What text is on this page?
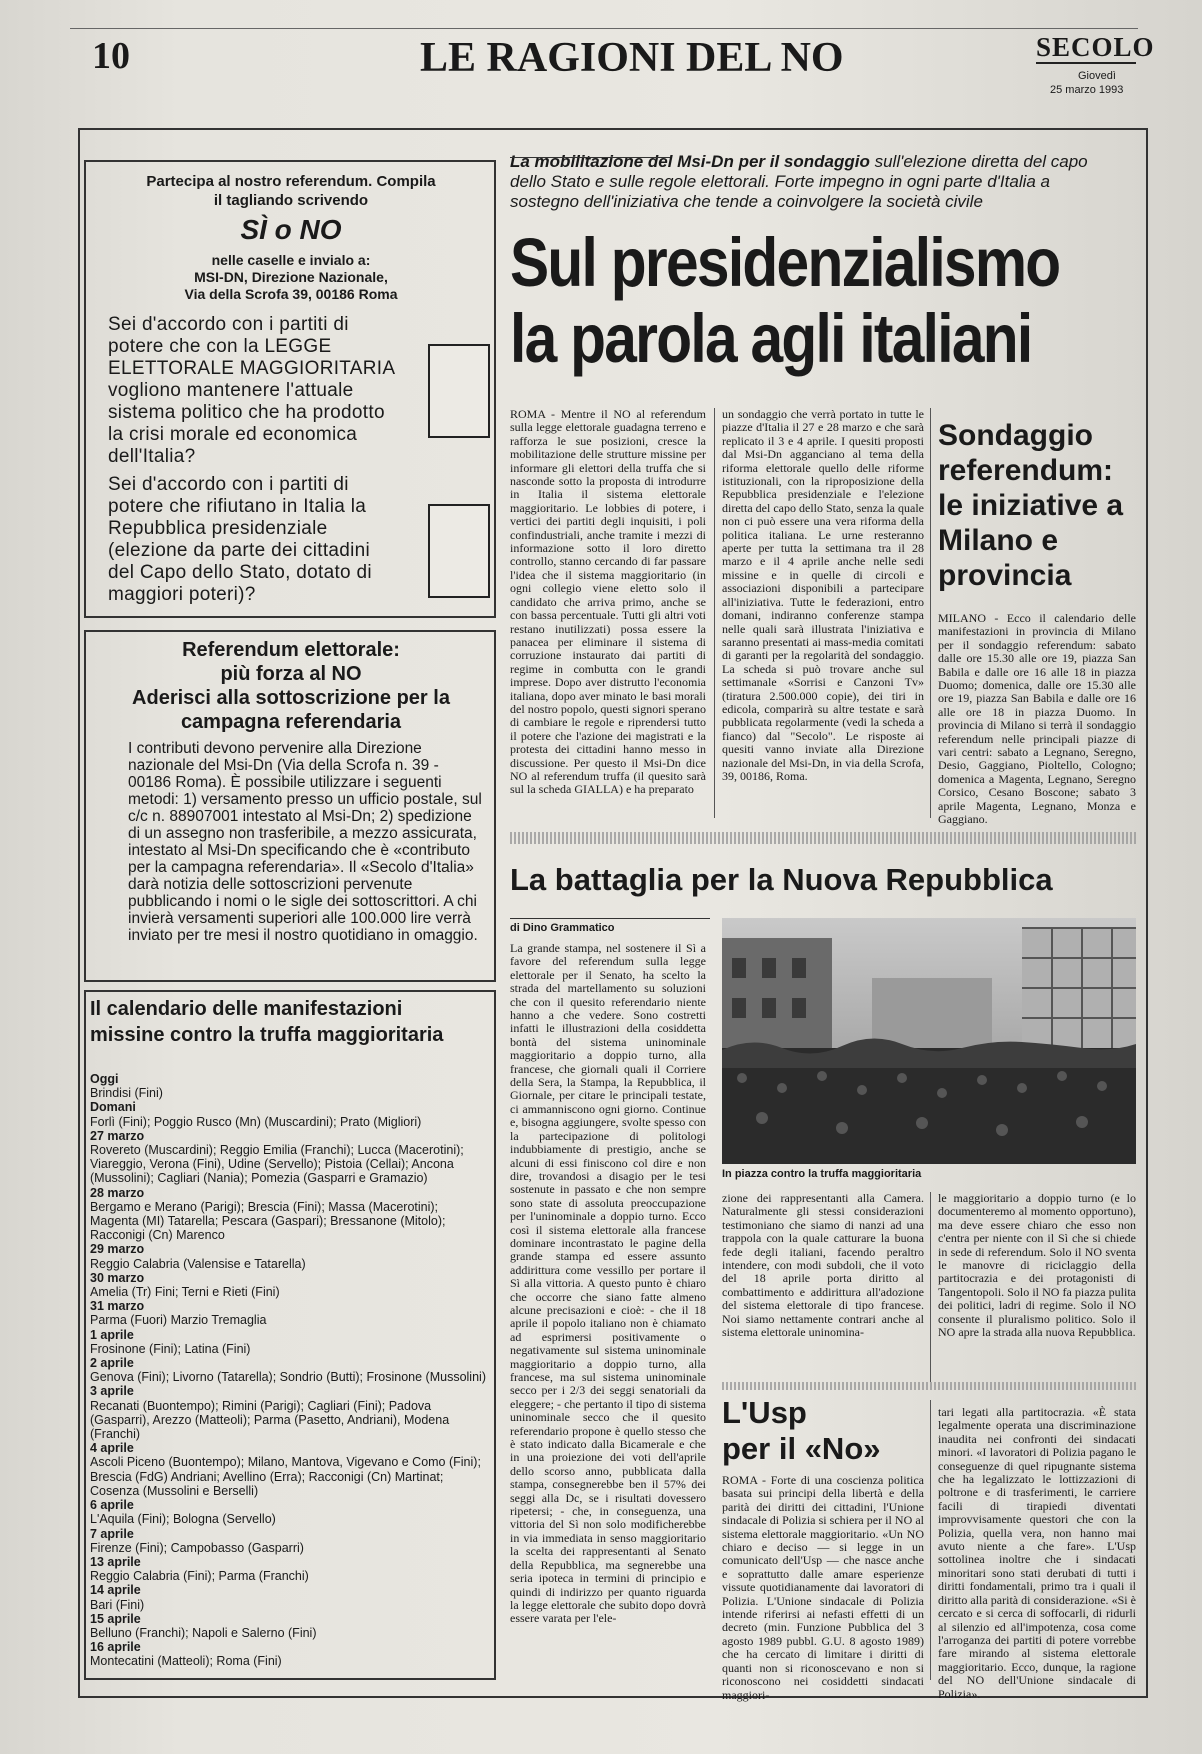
10	LE RAGIONI DEL NO	SECOLO
Giovedì
25 marzo 1993
Partecipa al nostro referendum. Compila il tagliando scrivendo
SÌ o NO
nelle caselle e invialo a:
MSI-DN, Direzione Nazionale,
Via della Scrofa 39, 00186 Roma
Sei d'accordo con i partiti di potere che con la LEGGE ELETTORALE MAGGIORITARIA vogliono mantenere l'attuale sistema politico che ha prodotto la crisi morale ed economica dell'Italia?
Sei d'accordo con i partiti di potere che rifiutano in Italia la Repubblica presidenziale (elezione da parte dei cittadini del Capo dello Stato, dotato di maggiori poteri)?
Referendum elettorale: più forza al NO
Aderisci alla sottoscrizione per la campagna referendaria
I contributi devono pervenire alla Direzione nazionale del Msi-Dn (Via della Scrofa n. 39 - 00186 Roma). È possibile utilizzare i seguenti metodi: 1) versamento presso un ufficio postale, sul c/c n. 88907001 intestato al Msi-Dn; 2) spedizione di un assegno non trasferibile, a mezzo assicurata, intestato al Msi-Dn specificando che è «contributo per la campagna referendaria». Il «Secolo d'Italia» darà notizia delle sottoscrizioni pervenute pubblicando i nomi o le sigle dei sottoscrittori. A chi invierà versamenti superiori alle 100.000 lire verrà inviato per tre mesi il nostro quotidiano in omaggio.
Il calendario delle manifestazioni missine contro la truffa maggioritaria
Oggi
Brindisi (Fini)
Domani
Forlì (Fini); Poggio Rusco (Mn) (Muscardini); Prato (Migliori)
27 marzo
Rovereto (Muscardini); Reggio Emilia (Franchi); Lucca (Macerotini); Viareggio, Verona (Fini), Udine (Servello); Pistoia (Cellai); Ancona (Mussolini); Cagliari (Nania); Pomezia (Gasparri e Gramazio)
28 marzo
Bergamo e Merano (Parigi); Brescia (Fini); Massa (Macerotini); Magenta (MI) Tatarella; Pescara (Gaspari); Bressanone (Mitolo); Racconigi (Cn) Marenco
29 marzo
Reggio Calabria (Valensise e Tatarella)
30 marzo
Amelia (Tr) Fini; Terni e Rieti (Fini)
31 marzo
Parma (Fuori) Marzio Tremaglia
1 aprile
Frosinone (Fini); Latina (Fini)
2 aprile
Genova (Fini); Livorno (Tatarella); Sondrio (Butti); Frosinone (Mussolini)
3 aprile
Recanati (Buontempo); Rimini (Parigi); Cagliari (Fini); Padova (Gasparri), Arezzo (Matteoli); Parma (Pasetto, Andriani), Modena (Franchi)
4 aprile
Ascoli Piceno (Buontempo); Milano, Mantova, Vigevano e Como (Fini); Brescia (FdG) Andriani; Avellino (Erra); Racconigi (Cn) Martinat; Cosenza (Mussolini e Berselli)
6 aprile
L'Aquila (Fini); Bologna (Servello)
7 aprile
Firenze (Fini); Campobasso (Gasparri)
13 aprile
Reggio Calabria (Fini); Parma (Franchi)
14 aprile
Bari (Fini)
15 aprile
Belluno (Franchi); Napoli e Salerno (Fini)
16 aprile
Montecatini (Matteoli); Roma (Fini)
La mobilitazione del Msi-Dn per il sondaggio sull'elezione diretta del capo dello Stato e sulle regole elettorali. Forte impegno in ogni parte d'Italia a sostegno dell'iniziativa che tende a coinvolgere la società civile
Sul presidenzialismo
la parola agli italiani
ROMA - Mentre il NO al referendum sulla legge elettorale guadagna terreno e rafforza le sue posizioni, cresce la mobilitazione delle strutture missine per informare gli elettori della truffa che si nasconde sotto la proposta di introdurre in Italia il sistema elettorale maggioritario. Le lobbies di potere, i vertici dei partiti degli inquisiti, i poli confindustriali, anche tramite i mezzi di informazione sotto il loro diretto controllo, stanno cercando di far passare l'idea che il sistema maggioritario (in ogni collegio viene eletto solo il candidato che arriva primo, anche se con bassa percentuale. Tutti gli altri voti restano inutilizzati) possa essere la panacea per eliminare il sistema di corruzione instaurato dai partiti di regime in combutta con le grandi imprese. Dopo aver distrutto l'economia italiana, dopo aver minato le basi morali del nostro popolo, questi signori sperano di cambiare le regole e riprendersi tutto il potere che l'azione dei magistrati e la protesta dei cittadini hanno messo in discussione. Per questo il Msi-Dn dice NO al referendum truffa (il quesito sarà sul la scheda GIALLA) e ha preparato
un sondaggio che verrà portato in tutte le piazze d'Italia il 27 e 28 marzo e che sarà replicato il 3 e 4 aprile. I quesiti proposti dal Msi-Dn agganciano al tema della riforma elettorale quello delle riforme istituzionali, con la riproposizione della Repubblica presidenziale e l'elezione diretta del capo dello Stato, senza la quale non ci può essere una vera riforma della politica italiana. Le urne resteranno aperte per tutta la settimana tra il 28 marzo e il 4 aprile anche nelle sedi missine e in quelle di circoli e associazioni disponibili a partecipare all'iniziativa. Tutte le federazioni, entro domani, indiranno conferenze stampa nelle quali sarà illustrata l'iniziativa e saranno presentati ai mass-media comitati di garanti per la regolarità del sondaggio. La scheda si può trovare anche sul settimanale «Sorrisi e Canzoni Tv» (tiratura 2.500.000 copie), dei tiri in edicola, comparirà su altre testate e sarà pubblicata regolarmente (vedi la scheda a fianco) dal "Secolo". Le risposte ai quesiti vanno inviate alla Direzione nazionale del Msi-Dn, in via della Scrofa, 39, 00186, Roma.
Sondaggio referendum: le iniziative a Milano e provincia
MILANO - Ecco il calendario delle manifestazioni in provincia di Milano per il sondaggio referendum: sabato dalle ore 15.30 alle ore 19, piazza San Babila e dalle ore 16 alle 18 in piazza Duomo; domenica, dalle ore 15.30 alle ore 19, piazza San Babila e dalle ore 16 alle ore 18 in piazza Duomo. In provincia di Milano si terrà il sondaggio referendum nelle principali piazze di vari centri: sabato a Legnano, Seregno, Desio, Gaggiano, Pioltello, Cologno; domenica a Magenta, Legnano, Seregno Corsico, Cesano Boscone; sabato 3 aprile Magenta, Legnano, Monza e Gaggiano.
La battaglia per la Nuova Repubblica
di Dino Grammatico
La grande stampa, nel sostenere il Sì a favore del referendum sulla legge elettorale per il Senato, ha scelto la strada del martellamento su soluzioni che con il quesito referendario niente hanno a che vedere. Sono costretti infatti le illustrazioni della cosiddetta bontà del sistema uninominale maggioritario a doppio turno, alla francese, che giornali quali il Corriere della Sera, la Stampa, la Repubblica, il Giornale, per citare le principali testate, ci ammanniscono ogni giorno. Continue e, bisogna aggiungere, svolte spesso con la partecipazione di politologi indubbiamente di prestigio, anche se alcuni di essi finiscono col dire e non dire, trovandosi a disagio per le tesi sostenute in passato e che non sempre sono state di assoluta preoccupazione per l'uninominale a doppio turno. Ecco così il sistema elettorale alla francese dominare incontrastato le pagine della grande stampa ed essere assunto addirittura come vessillo per portare il Sì alla vittoria. A questo punto è chiaro che occorre che siano fatte almeno alcune precisazioni e cioè: - che il 18 aprile il popolo italiano non è chiamato ad esprimersi positivamente o negativamente sul sistema uninominale maggioritario a doppio turno, alla francese, ma sul sistema uninominale secco per i 2/3 dei seggi senatoriali da eleggere; - che pertanto il tipo di sistema uninominale secco che il quesito referendario propone è quello stesso che è stato indicato dalla Bicamerale e che in una proiezione dei voti dell'aprile dello scorso anno, pubblicata dalla stampa, consegnerebbe ben il 57% dei seggi alla Dc, se i risultati dovessero ripetersi; - che, in conseguenza, una vittoria del Sì non solo modificherebbe in via immediata in senso maggioritario la scelta dei rappresentanti al Senato della Repubblica, ma segnerebbe una seria ipoteca in termini di principio e quindi di indirizzo per quanto riguarda la legge elettorale che subito dopo dovrà essere varata per l'ele-
In piazza contro la truffa maggioritaria
zione dei rappresentanti alla Camera. Naturalmente gli stessi considerazioni testimoniano che siamo di nanzi ad una trappola con la quale catturare la buona fede degli italiani, facendo peraltro intendere, con modi subdoli, che il voto del 18 aprile porta diritto al combattimento e addirittura all'adozione del sistema elettorale di tipo francese. Noi siamo nettamente contrari anche al sistema elettorale uninomina-
le maggioritario a doppio turno (e lo documenteremo al momento opportuno), ma deve essere chiaro che esso non c'entra per niente con il Sì che si chiede in sede di referendum. Solo il NO sventa le manovre di riciclaggio della partitocrazia e dei protagonisti di Tangentopoli. Solo il NO fa piazza pulita dei politici, ladri di regime. Solo il NO consente il pluralismo politico. Solo il NO apre la strada alla nuova Repubblica.
L'Usp
per il «No»
ROMA - Forte di una coscienza politica basata sui principi della libertà e della parità dei diritti dei cittadini, l'Unione sindacale di Polizia si schiera per il NO al sistema elettorale maggioritario. «Un NO chiaro e deciso — si legge in un comunicato dell'Usp — che nasce anche e soprattutto dalle amare esperienze vissute quotidianamente dai lavoratori di Polizia. L'Unione sindacale di Polizia intende riferirsi ai nefasti effetti di un decreto (min. Funzione Pubblica del 3 agosto 1989 pubbl. G.U. 8 agosto 1989) che ha cercato di limitare i diritti di quanti non si riconoscevano e non si riconoscono nei cosiddetti sindacati maggiori-
tari legati alla partitocrazia. «È stata legalmente operata una discriminazione inaudita nei confronti dei sindacati minori. «I lavoratori di Polizia pagano le conseguenze di quel ripugnante sistema che ha legalizzato le lottizzazioni di poltrone e di trasferimenti, le carriere facili di tirapiedi diventati improvvisamente questori che con la Polizia, quella vera, non hanno mai avuto niente a che fare». L'Usp sottolinea inoltre che i sindacati minoritari sono stati derubati di tutti i diritti fondamentali, primo tra i quali il diritto alla parità di considerazione. «Si è cercato e si cerca di soffocarli, di ridurli al silenzio ed all'impotenza, cosa come l'arroganza dei partiti di potere vorrebbe fare mirando al sistema elettorale maggioritario. Ecco, dunque, la ragione del NO dell'Unione sindacale di Polizia».
